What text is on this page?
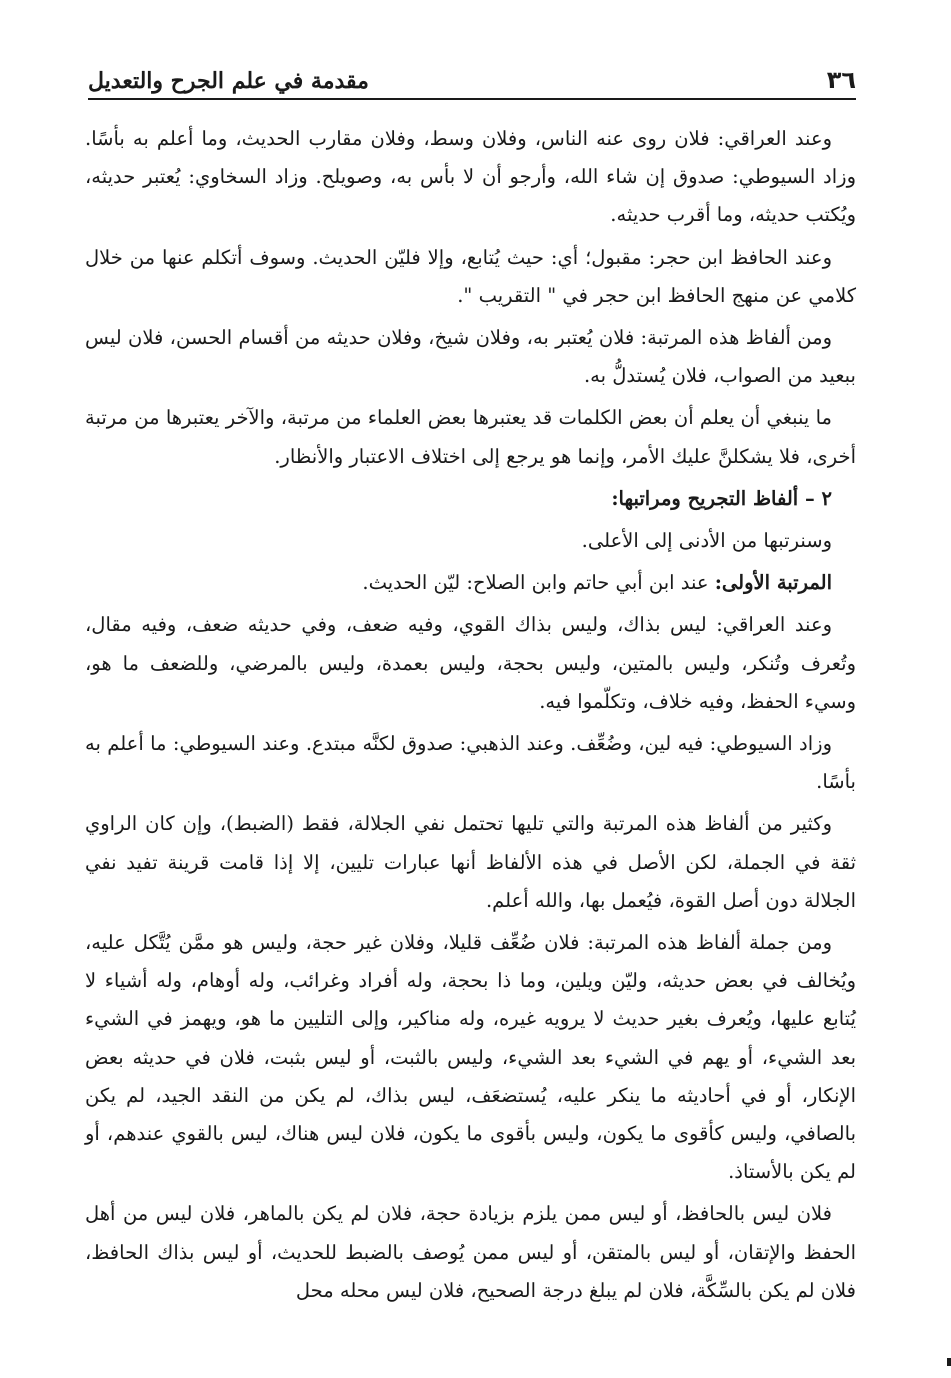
٣٦
مقدمة في علم الجرح والتعديل

وعند العراقي: فلان روى عنه الناس، وفلان وسط، وفلان مقارب الحديث، وما أعلم به بأسًا. وزاد السيوطي: صدوق إن شاء الله، وأرجو أن لا بأس به، وصويلح. وزاد السخاوي: يُعتبر حديثه، ويُكتب حديثه، وما أقرب حديثه.

وعند الحافظ ابن حجر: مقبول؛ أي: حيث يُتابع، وإلا فليّن الحديث. وسوف أتكلم عنها من خلال كلامي عن منهج الحافظ ابن حجر في " التقريب ".

ومن ألفاظ هذه المرتبة: فلان يُعتبر به، وفلان شيخ، وفلان حديثه من أقسام الحسن، فلان ليس ببعيد من الصواب، فلان يُستدلُّ به.

ما ينبغي أن يعلم أن بعض الكلمات قد يعتبرها بعض العلماء من مرتبة، والآخر يعتبرها من مرتبة أخرى، فلا يشكلنَّ عليك الأمر، وإنما هو يرجع إلى اختلاف الاعتبار والأنظار.

٢ – ألفاظ التجريح ومراتبها:

وسنرتبها من الأدنى إلى الأعلى.

المرتبة الأولى: عند ابن أبي حاتم وابن الصلاح: ليّن الحديث.

وعند العراقي: ليس بذاك، وليس بذاك القوي، وفيه ضعف، وفي حديثه ضعف، وفيه مقال، وتُعرف وتُنكر، وليس بالمتين، وليس بحجة، وليس بعمدة، وليس بالمرضي، وللضعف ما هو، وسيء الحفظ، وفيه خلاف، وتكلّموا فيه.

وزاد السيوطي: فيه لين، وضُعِّف. وعند الذهبي: صدوق لكنَّه مبتدع. وعند السيوطي: ما أعلم به بأسًا.

وكثير من ألفاظ هذه المرتبة والتي تليها تحتمل نفي الجلالة، فقط (الضبط)، وإن كان الراوي ثقة في الجملة، لكن الأصل في هذه الألفاظ أنها عبارات تليين، إلا إذا قامت قرينة تفيد نفي الجلالة دون أصل القوة، فيُعمل بها، والله أعلم.

ومن جملة ألفاظ هذه المرتبة: فلان ضُعِّف قليلا، وفلان غير حجة، وليس هو ممَّن يُتَّكل عليه، ويُخالف في بعض حديثه، وليّن ويلين، وما ذا بحجة، وله أفراد وغرائب، وله أوهام، وله أشياء لا يُتابع عليها، ويُعرف بغير حديث لا يرويه غيره، وله مناكير، وإلى التليين ما هو، ويهمز في الشيء بعد الشيء، أو يهم في الشيء بعد الشيء، وليس بالثبت، أو ليس بثبت، فلان في حديثه بعض الإنكار، أو في أحاديثه ما ينكر عليه، يُستضعَف، ليس بذاك، لم يكن من النقد الجيد، لم يكن بالصافي، وليس كأقوى ما يكون، وليس بأقوى ما يكون، فلان ليس هناك، ليس بالقوي عندهم، أو لم يكن بالأستاذ.

فلان ليس بالحافظ، أو ليس ممن يلزم بزيادة حجة، فلان لم يكن بالماهر، فلان ليس من أهل الحفظ والإتقان، أو ليس بالمتقن، أو ليس ممن يُوصف بالضبط للحديث، أو ليس بذاك الحافظ، فلان لم يكن بالسِّكَّة، فلان لم يبلغ درجة الصحيح، فلان ليس محله محل
